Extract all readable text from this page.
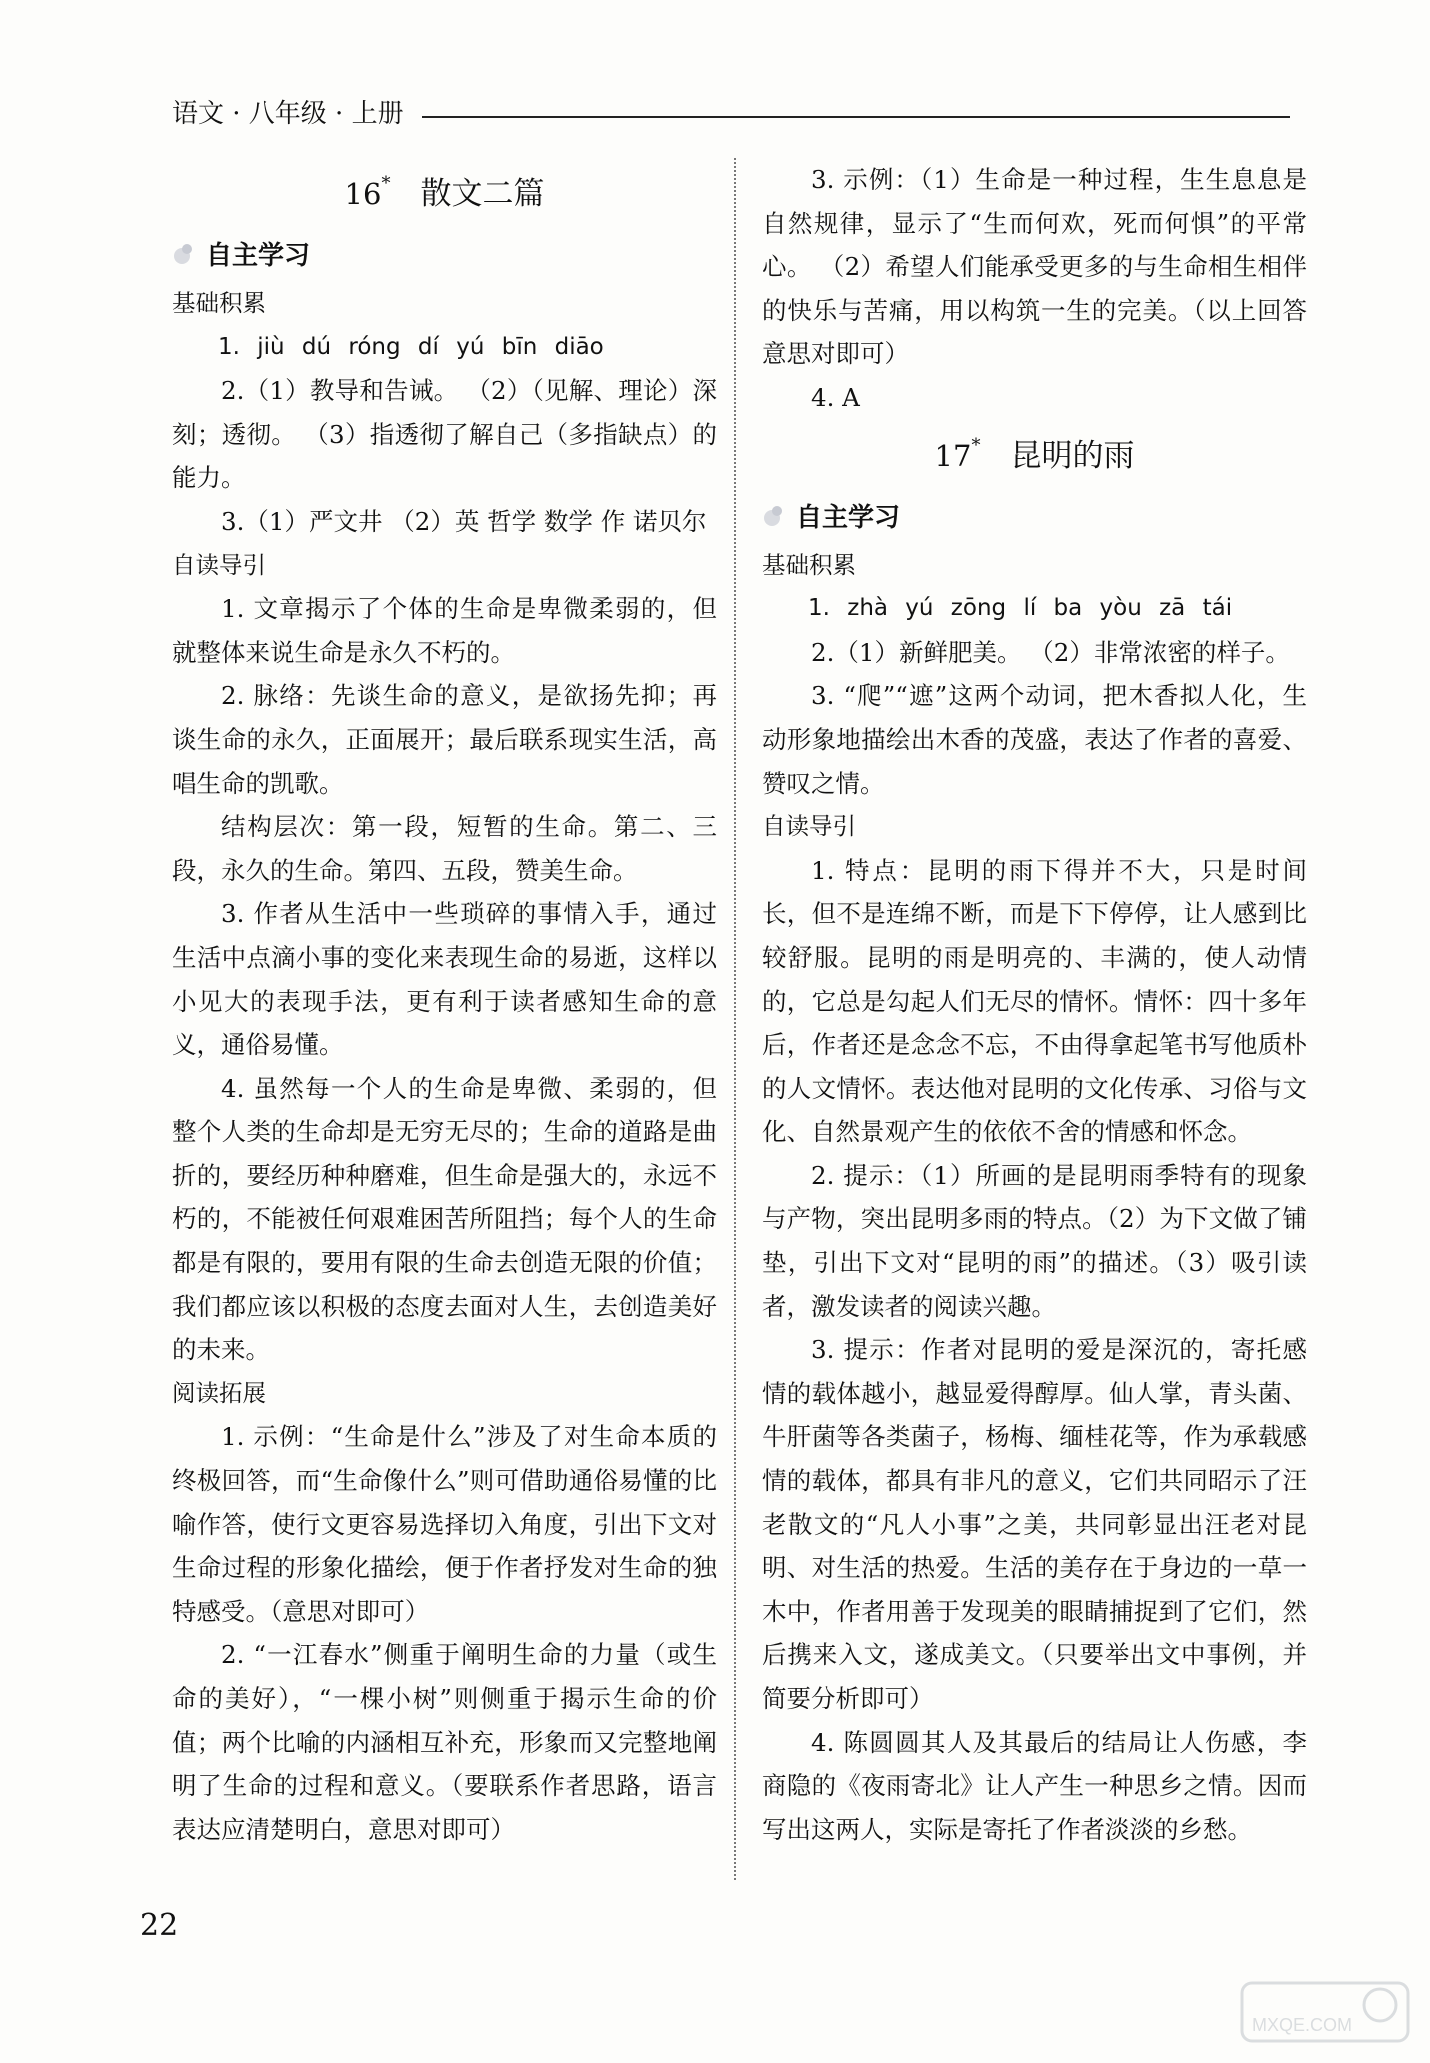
语文 · 八年级 · 上册
16* 散文二篇
自主学习
基础积累

1. jiù dú róng dí yú bīn diāo

2.（1）教导和告诫。 （2）（见解、理论）深刻；透彻。 （3）指透彻了解自己（多指缺点）的能力。

3.（1）严文井 （2）英 哲学 数学 作 诺贝尔

自读导引

1. 文章揭示了个体的生命是卑微柔弱的，但就整体来说生命是永久不朽的。

2. 脉络：先谈生命的意义，是欲扬先抑；再谈生命的永久，正面展开；最后联系现实生活，高唱生命的凯歌。

结构层次：第一段，短暂的生命。第二、三段，永久的生命。第四、五段，赞美生命。

3. 作者从生活中一些琐碎的事情入手，通过生活中点滴小事的变化来表现生命的易逝，这样以小见大的表现手法，更有利于读者感知生命的意义，通俗易懂。

4. 虽然每一个人的生命是卑微、柔弱的，但整个人类的生命却是无穷无尽的；生命的道路是曲折的，要经历种种磨难，但生命是强大的，永远不朽的，不能被任何艰难困苦所阻挡；每个人的生命都是有限的，要用有限的生命去创造无限的价值；我们都应该以积极的态度去面对人生，去创造美好的未来。

阅读拓展

1. 示例：“生命是什么”涉及了对生命本质的终极回答，而“生命像什么”则可借助通俗易懂的比喻作答，使行文更容易选择切入角度，引出下文对生命过程的形象化描绘，便于作者抒发对生命的独特感受。（意思对即可）

2. “一江春水”侧重于阐明生命的力量（或生命的美好），“一棵小树”则侧重于揭示生命的价值；两个比喻的内涵相互补充，形象而又完整地阐明了生命的过程和意义。（要联系作者思路，语言表达应清楚明白，意思对即可）

3. 示例：（1）生命是一种过程，生生息息是自然规律，显示了“生而何欢，死而何惧”的平常心。 （2）希望人们能承受更多的与生命相生相伴的快乐与苦痛，用以构筑一生的完美。（以上回答意思对即可）

4. A

17* 昆明的雨
自主学习
基础积累

1. zhà yú zōng lí ba yòu zā tái

2.（1）新鲜肥美。 （2）非常浓密的样子。

3. “爬”“遮”这两个动词，把木香拟人化，生动形象地描绘出木香的茂盛，表达了作者的喜爱、赞叹之情。

自读导引

1. 特点：昆明的雨下得并不大，只是时间长，但不是连绵不断，而是下下停停，让人感到比较舒服。昆明的雨是明亮的、丰满的，使人动情的，它总是勾起人们无尽的情怀。情怀：四十多年后，作者还是念念不忘，不由得拿起笔书写他质朴的人文情怀。表达他对昆明的文化传承、习俗与文化、自然景观产生的依依不舍的情感和怀念。

2. 提示：（1）所画的是昆明雨季特有的现象与产物，突出昆明多雨的特点。（2）为下文做了铺垫，引出下文对“昆明的雨”的描述。（3）吸引读者，激发读者的阅读兴趣。

3. 提示：作者对昆明的爱是深沉的，寄托感情的载体越小，越显爱得醇厚。仙人掌，青头菌、牛肝菌等各类菌子，杨梅、缅桂花等，作为承载感情的载体，都具有非凡的意义，它们共同昭示了汪老散文的“凡人小事”之美，共同彰显出汪老对昆明、对生活的热爱。生活的美存在于身边的一草一木中，作者用善于发现美的眼睛捕捉到了它们，然后携来入文，遂成美文。（只要举出文中事例，并简要分析即可）

4. 陈圆圆其人及其最后的结局让人伤感，李商隐的《夜雨寄北》让人产生一种思乡之情。因而写出这两人，实际是寄托了作者淡淡的乡愁。

22
MXQE.COM
